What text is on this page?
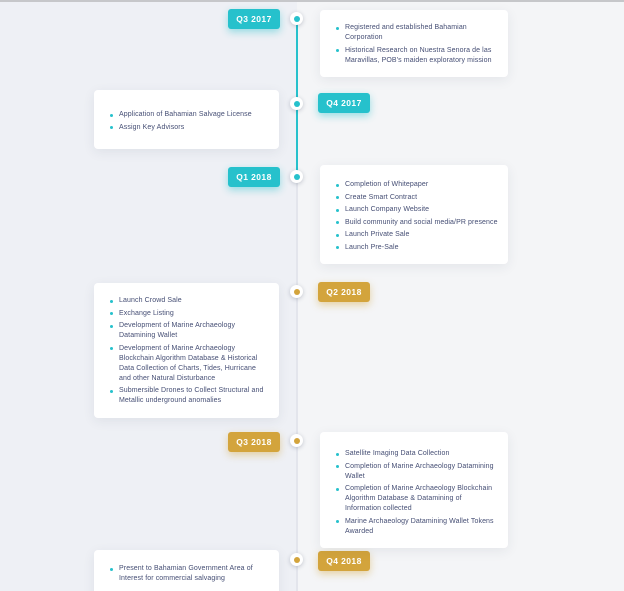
Q3 2017
Q4 2017
Q1 2018
Q2 2018
Q3 2018
Q4 2018
Registered and established Bahamian Corporation
Historical Research on Nuestra Senora de las Maravillas, POB's maiden exploratory mission
Application of Bahamian Salvage License
Assign Key Advisors
Completion of Whitepaper
Create Smart Contract
Launch Company Website
Build community and social media/PR presence
Launch Private Sale
Launch Pre-Sale
Launch Crowd Sale
Exchange Listing
Development of Marine Archaeology Datamining Wallet
Development of Marine Archaeology Blockchain Algorithm Database & Historical Data Collection of Charts, Tides, Hurricane and other Natural Disturbance
Submersible Drones to Collect Structural and Metallic underground anomalies
Satellite Imaging Data Collection
Completion of Marine Archaeology Datamining Wallet
Completion of Marine Archaeology Blockchain Algorithm Database & Datamining of Information collected
Marine Archaeology Datamining Wallet Tokens Awarded
Present to Bahamian Government Area of Interest for commercial salvaging
